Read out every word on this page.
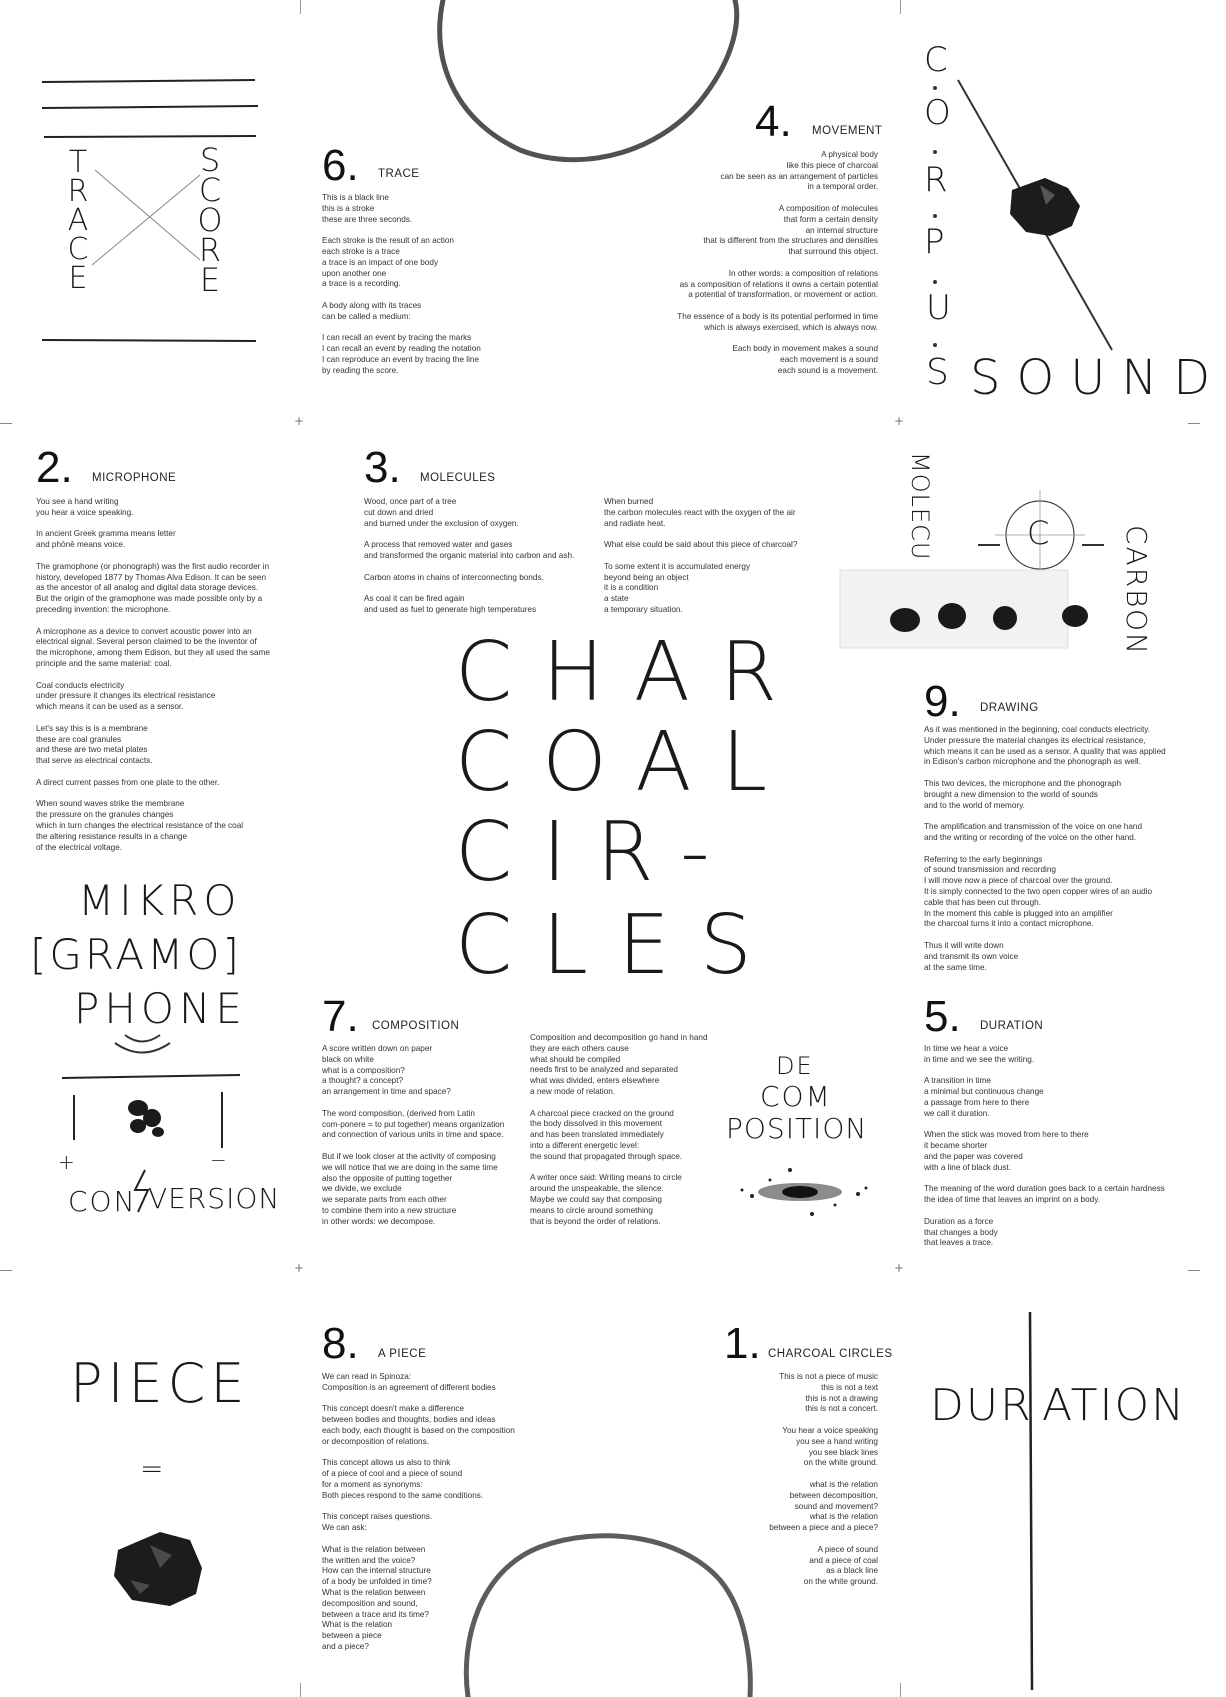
+	+
+	+
TRACE
SCORE
6. TRACE

This is a black line
this is a stroke
these are three seconds.

Each stroke is the result of an action
each stroke is a trace
a trace is an impact of one body
upon another one
a trace is a recording.

A body along with its traces
can be called a medium:

I can recall an event by tracing the marks
I can recall an event by reading the notation
I can reproduce an event by tracing the line
by reading the score.

4. MOVEMENT

A physical body
like this piece of charcoal
can be seen as an arrangement of particles
in a temporal order.

A composition of molecules
that form a certain density
an internal structure
that is different from the structures and densities
that surround this object.

In other words: a composition of relations
as a composition of relations it owns a certain potential
a potential of transformation, or movement or action.

The essence of a body is its potential performed in time
which is always exercised, which is always now.

Each body in movement makes a sound
each movement is a sound
each sound is a movement.

C
O
R
P
U
S SOUND
2. MICROPHONE

You see a hand writing
you hear a voice speaking.

In ancient Greek gramma means letter
and phōnē means voice.

The gramophone (or phonograph) was the first audio recorder in
history, developed 1877 by Thomas Alva Edison. It can be seen
as the ancestor of all analog and digital data storage devices.
But the origin of the gramophone was made possible only by a
preceding invention: the microphone.

A microphone as a device to convert acoustic power into an
electrical signal. Several person claimed to be the inventor of
the microphone, among them Edison, but they all used the same
principle and the same material: coal.

Coal conducts electricity
under pressure it changes its electrical resistance
which means it can be used as a sensor.

Let's say this is is a membrane
these are coal granules
and these are two metal plates
that serve as electrical contacts.

A direct current passes from one plate to the other.

When sound waves strike the membrane
the pressure on the granules changes
which in turn changes the electrical resistance of the coal
the altering resistance results in a change
of the electrical voltage.

3. MOLECULES

Wood, once part of a tree
cut down and dried
and burned under the exclusion of oxygen.

A process that removed water and gases
and transformed the organic material into carbon and ash.

Carbon atoms in chains of interconnecting bonds.

As coal it can be fired again
and used as fuel to generate high temperatures

When burned
the carbon molecules react with the oxygen of the air
and radiate heat.

What else could be said about this piece of charcoal?

To some extent it is accumulated energy
beyond being an object
it is a condition
a state
a temporary situation.

MOLECU	C	CARBON
CHAR
COAL
CIR-
CLES
9. DRAWING

As it was mentioned in the beginning, coal conducts electricity.
Under pressure the material changes its electrical resistance,
which means it can be used as a sensor. A quality that was applied
in Edison's carbon microphone and the phonograph as well.

This two devices, the microphone and the phonograph
brought a new dimension to the world of sounds
and to the world of memory.

The amplification and transmission of the voice on one hand
and the writing or recording of the voice on the other hand.

Referring to the early beginnings
of sound transmission and recording
I will move now a piece of charcoal over the ground.
It is simply connected to the two open copper wires of an audio
cable that has been cut through.
In the moment this cable is plugged into an amplifier
the charcoal turns it into a contact microphone.

Thus it will write down
and transmit its own voice
at the same time.

MIKRO
[GRAMO]
PHONE
+	−
CON VERSION
7. COMPOSITION

A score written down on paper
black on white
what is a composition?
a thought? a concept?
an arrangement in time and space?

The word composition, (derived from Latin
com-ponere = to put together) means organization
and connection of various units in time and space.

But if we look closer at the activity of composing
we will notice that we are doing in the same time
also the opposite of putting together
we divide, we exclude
we separate parts from each other
to combine them into a new structure
in other words: we decompose.

Composition and decomposition go hand in hand
they are each others cause
what should be compiled
needs first to be analyzed and separated
what was divided, enters elsewhere
a new mode of relation.

A charcoal piece cracked on the ground
the body dissolved in this movement
and has been translated immediately
into a different energetic level:
the sound that propagated through space.

A writer once said: Writing means to circle
around the unspeakable, the silence.
Maybe we could say that composing
means to circle around something
that is beyond the order of relations.

DE
COM
POSITION
5. DURATION

In time we hear a voice
in time and we see the writing.

A transition in time
a minimal but continuous change
a passage from here to there
we call it duration.

When the stick was moved from here to there
it became shorter
and the paper was covered
with a line of black dust.

The meaning of the word duration goes back to a certain hardness
the idea of time that leaves an imprint on a body.

Duration as a force
that changes a body
that leaves a trace.

PIECE
=
8. A PIECE

We can read in Spinoza:
Composition is an agreement of different bodies

This concept doesn't make a difference
between bodies and thoughts, bodies and ideas
each body, each thought is based on the composition
or decomposition of relations.

This concept allows us also to think
of a piece of cool and a piece of sound
for a moment as synonyms:
Both pieces respond to the same conditions.

This concept raises questions.
We can ask:

What is the relation between
the written and the voice?
How can the internal structure
of a body be unfolded in time?
What is the relation between
decomposition and sound,
between a trace and its time?
What is the relation
between a piece
and a piece?

1. CHARCOAL CIRCLES

This is not a piece of music
this is not a text
this is not a drawing
this is not a concert.

You hear a voice speaking
you see a hand writing
you see black lines
on the white ground.

what is the relation
between decomposition,
sound and movement?
what is the relation
between a piece and a piece?

A piece of sound
and a piece of coal
as a black line
on the white ground.

DUR ATION
